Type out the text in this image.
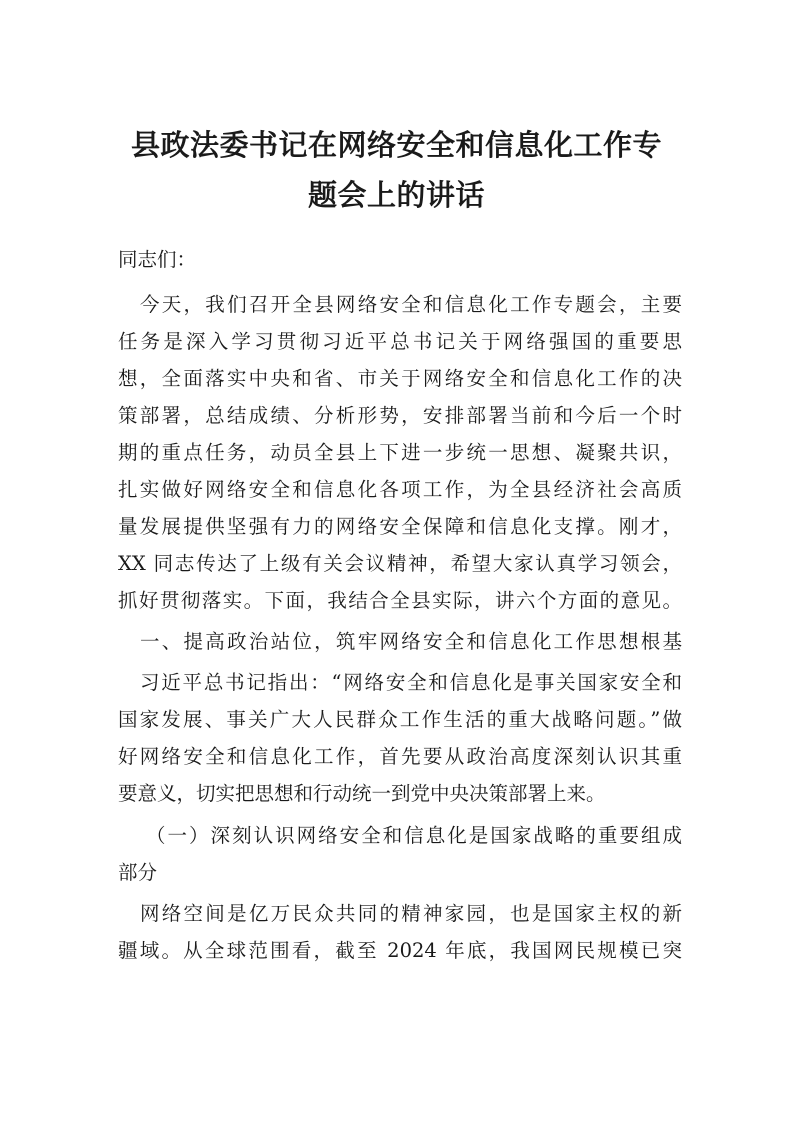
县政法委书记在网络安全和信息化工作专
题会上的讲话

同志们：

今天，我们召开全县网络安全和信息化工作专题会，主要

任务是深入学习贯彻习近平总书记关于网络强国的重要思

想，全面落实中央和省、市关于网络安全和信息化工作的决

策部署，总结成绩、分析形势，安排部署当前和今后一个时

期的重点任务，动员全县上下进一步统一思想、凝聚共识，

扎实做好网络安全和信息化各项工作，为全县经济社会高质

量发展提供坚强有力的网络安全保障和信息化支撑。刚才，

XX 同志传达了上级有关会议精神，希望大家认真学习领会，

抓好贯彻落实。下面，我结合全县实际，讲六个方面的意见。

一、提高政治站位，筑牢网络安全和信息化工作思想根基

习近平总书记指出：“网络安全和信息化是事关国家安全和

国家发展、事关广大人民群众工作生活的重大战略问题。”做

好网络安全和信息化工作，首先要从政治高度深刻认识其重

要意义，切实把思想和行动统一到党中央决策部署上来。

（一）深刻认识网络安全和信息化是国家战略的重要组成

部分

网络空间是亿万民众共同的精神家园，也是国家主权的新

疆域。从全球范围看，截至 2024 年底，我国网民规模已突
